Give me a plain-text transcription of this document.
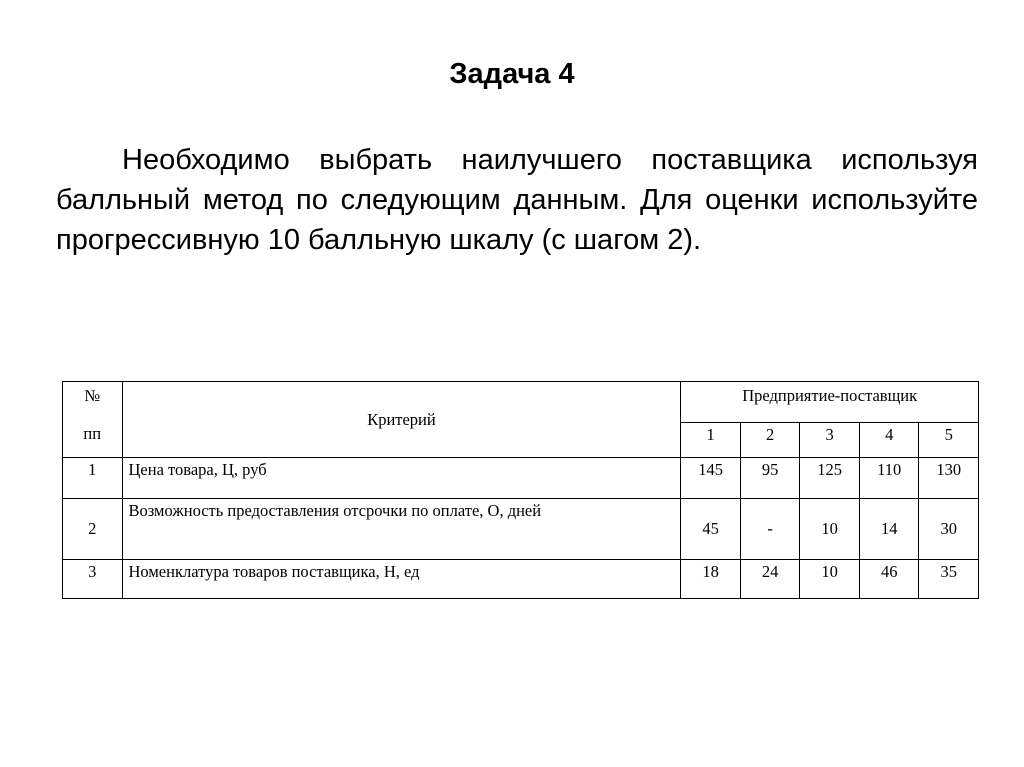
Задача 4
Необходимо выбрать наилучшего поставщика используя балльный метод по следующим данным. Для оценки используйте прогрессивную 10 балльную шкалу (с шагом 2).
№
пп	Критерий	Предприятие-поставщик				
		1	2	3	4	5
1	Цена товара, Ц, руб	145	95	125	110	130
2	Возможность предоставления отсрочки по оплате, О, дней	45	-	10	14	30
3	Номенклатура товаров поставщика, Н, ед	18	24	10	46	35
